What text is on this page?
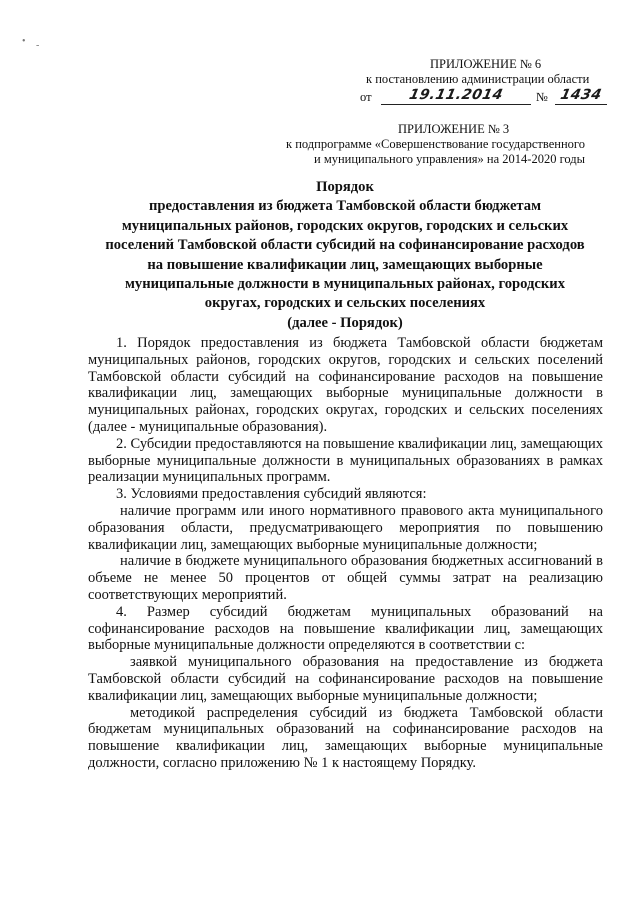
• -
ПРИЛОЖЕНИЕ № 6
к постановлению администрации области
от	19.11.2014	№ 1434
ПРИЛОЖЕНИЕ № 3
к подпрограмме «Совершенствование государственного
и муниципального управления» на 2014-2020 годы
Порядок
предоставления из бюджета Тамбовской области бюджетам
муниципальных районов, городских округов, городских и сельских
поселений Тамбовской области субсидий на софинансирование расходов
на повышение квалификации лиц, замещающих выборные
муниципальные должности в муниципальных районах, городских
округах, городских и сельских поселениях
(далее - Порядок)

1. Порядок предоставления из бюджета Тамбовской области бюджетам муниципальных районов, городских округов, городских и сельских поселений Тамбовской области субсидий на софинансирование расходов на повышение квалификации лиц, замещающих выборные муниципальные должности в муниципальных районах, городских округах, городских и сельских поселениях (далее - муниципальные образования).

2. Субсидии предоставляются на повышение квалификации лиц, замещающих выборные муниципальные должности в муниципальных образованиях в рамках реализации муниципальных программ.

3. Условиями предоставления субсидий являются:

наличие программ или иного нормативного правового акта муниципального образования области, предусматривающего мероприятия по повышению квалификации лиц, замещающих выборные муниципальные должности;

наличие в бюджете муниципального образования бюджетных ассигнований в объеме не менее 50 процентов от общей суммы затрат на реализацию соответствующих мероприятий.

4. Размер субсидий бюджетам муниципальных образований на софинансирование расходов на повышение квалификации лиц, замещающих выборные муниципальные должности определяются в соответствии с:

заявкой муниципального образования на предоставление из бюджета Тамбовской области субсидий на софинансирование расходов на повышение квалификации лиц, замещающих выборные муниципальные должности;

методикой распределения субсидий из бюджета Тамбовской области бюджетам муниципальных образований на софинансирование расходов на повышение квалификации лиц, замещающих выборные муниципальные должности, согласно приложению № 1 к настоящему Порядку.
